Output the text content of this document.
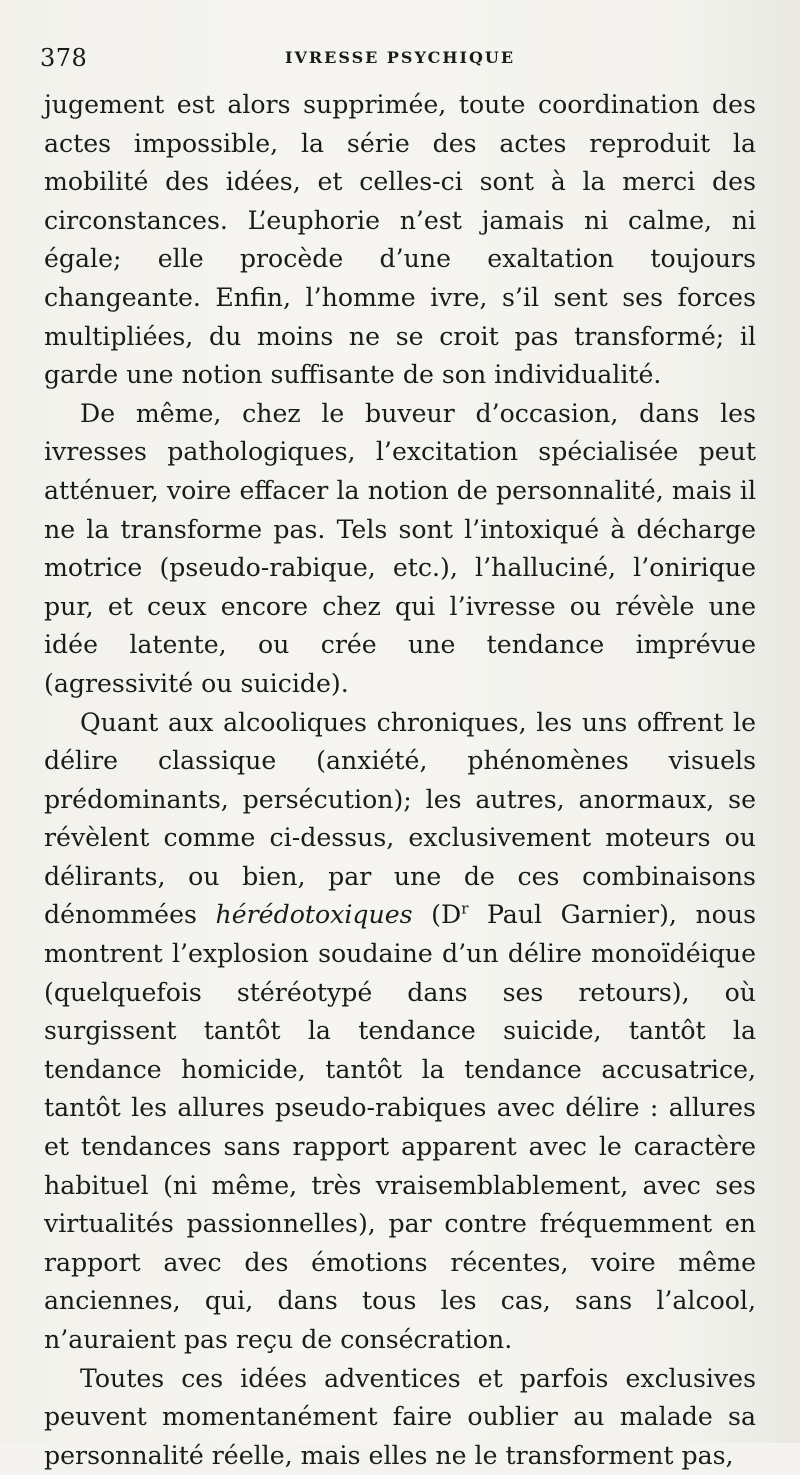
378	IVRESSE PSYCHIQUE

jugement est alors supprimée, toute coordination des actes impossible, la série des actes reproduit la mobilité des idées, et celles-ci sont à la merci des circonstances. L’euphorie n’est jamais ni calme, ni égale; elle procède d’une exaltation toujours changeante. Enfin, l’homme ivre, s’il sent ses forces multipliées, du moins ne se croit pas transformé; il garde une notion suffisante de son individualité.

De même, chez le buveur d’occasion, dans les ivresses pathologiques, l’excitation spécialisée peut atténuer, voire effacer la notion de personnalité, mais il ne la transforme pas. Tels sont l’intoxiqué à décharge motrice (pseudo-rabique, etc.), l’halluciné, l’onirique pur, et ceux encore chez qui l’ivresse ou révèle une idée latente, ou crée une tendance imprévue (agressivité ou suicide).

Quant aux alcooliques chroniques, les uns offrent le délire classique (anxiété, phénomènes visuels prédominants, persécution); les autres, anormaux, se révèlent comme ci-dessus, exclusivement moteurs ou délirants, ou bien, par une de ces combinaisons dénommées hérédotoxiques ($D^r$ Paul Garnier), nous montrent l’explosion soudaine d’un délire monoïdéique (quelquefois stéréotypé dans ses retours), où surgissent tantôt la tendance suicide, tantôt la tendance homicide, tantôt la tendance accusatrice, tantôt les allures pseudo-rabiques avec délire : allures et tendances sans rapport apparent avec le caractère habituel (ni même, très vraisemblablement, avec ses virtualités passionnelles), par contre fréquemment en rapport avec des émotions récentes, voire même anciennes, qui, dans tous les cas, sans l’alcool, n’auraient pas reçu de consécration.

Toutes ces idées adventices et parfois exclusives peuvent momentanément faire oublier au malade sa personnalité réelle, mais elles ne le transforment pas,
